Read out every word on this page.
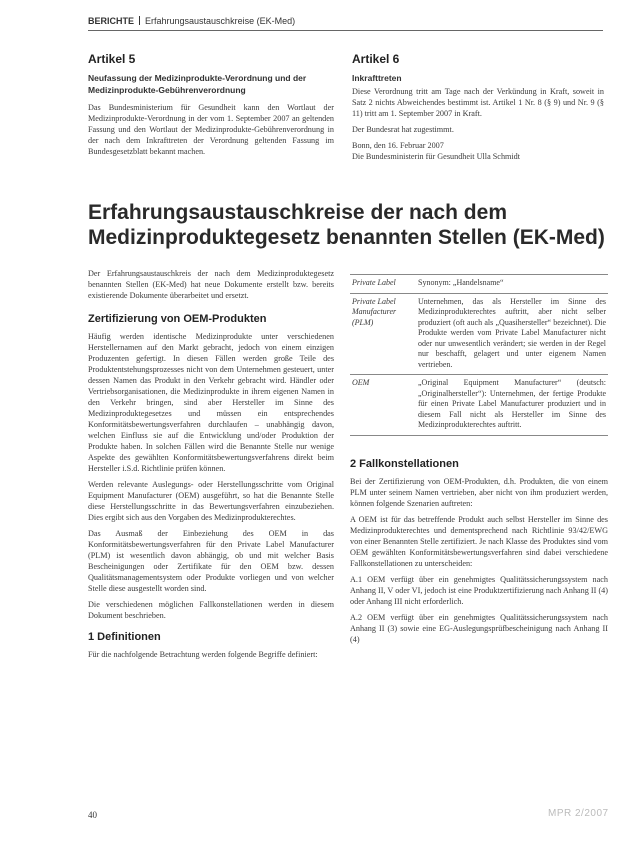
BERICHTE Erfahrungsaustauschkreise (EK-Med)
Artikel 5
Neufassung der Medizinprodukte-Verordnung und der Medizinprodukte-Gebührenverordnung

Das Bundesministerium für Gesundheit kann den Wortlaut der Medizinprodukte-Verordnung in der vom 1. September 2007 an geltenden Fassung und den Wortlaut der Medizinprodukte-Gebührenverordnung in der nach dem Inkrafttreten der Verordnung geltenden Fassung im Bundesgesetzblatt bekannt machen.

Artikel 6
Inkrafttreten

Diese Verordnung tritt am Tage nach der Verkündung in Kraft, soweit in Satz 2 nichts Abweichendes bestimmt ist. Artikel 1 Nr. 8 (§ 9) und Nr. 9 (§ 11) tritt am 1. September 2007 in Kraft.

Der Bundesrat hat zugestimmt.

Bonn, den 16. Februar 2007

Die Bundesministerin für Gesundheit Ulla Schmidt

Erfahrungsaustauschkreise der nach dem Medizinproduktegesetz benannten Stellen (EK-Med)

Der Erfahrungsaustauschkreis der nach dem Medizinproduktegesetz benannten Stellen (EK-Med) hat neue Dokumente erstellt bzw. bereits existierende Dokumente überarbeitet und ersetzt.

Zertifizierung von OEM-Produkten

Häufig werden identische Medizinprodukte unter verschiedenen Herstellernamen auf den Markt gebracht, jedoch von einem einzigen Produzenten gefertigt. In diesen Fällen werden große Teile des Produktentstehungsprozesses nicht von dem Unternehmen gesteuert, unter dessen Namen das Produkt in den Verkehr gebracht wird. Händler oder Vertriebsorganisationen, die Medizinprodukte in ihrem eigenen Namen in den Verkehr bringen, sind aber Hersteller im Sinne des Medizinproduktegesetzes und müssen ein entsprechendes Konformitätsbewertungsverfahren durchlaufen – unabhängig davon, welchen Einfluss sie auf die Entwicklung und/oder Produktion der Produkte haben. In solchen Fällen wird die Benannte Stelle nur wenige Aspekte des gewählten Konformitätsbewertungsverfahrens direkt beim Hersteller i.S.d. Richtlinie prüfen können.

Werden relevante Auslegungs- oder Herstellungsschritte vom Original Equipment Manufacturer (OEM) ausgeführt, so hat die Benannte Stelle diese Herstellungsschritte in das Bewertungsverfahren einzubeziehen. Dies ergibt sich aus den Vorgaben des Medizinprodukterechtes.

Das Ausmaß der Einbeziehung des OEM in das Konformitätsbewertungsverfahren für den Private Label Manufacturer (PLM) ist wesentlich davon abhängig, ob und mit welcher Basis Bescheinigungen oder Zertifikate für den OEM bzw. dessen Qualitätsmanagementsystem oder Produkte vorliegen und von welcher Stelle diese ausgestellt worden sind.

Die verschiedenen möglichen Fallkonstellationen werden in diesem Dokument beschrieben.

1 Definitionen

Für die nachfolgende Betrachtung werden folgende Begriffe definiert:

Private Label	Synonym: „Handelsname“
Private Label Manufacturer (PLM)	Unternehmen, das als Hersteller im Sinne des Medizinprodukterechtes auftritt, aber nicht selber produziert (oft auch als „Quasihersteller“ bezeichnet). Die Produkte werden vom Private Label Manufacturer nicht oder nur unwesentlich verändert; sie werden in der Regel nur beschafft, gelagert und unter eigenem Namen vertrieben.
OEM	„Original Equipment Manufacturer“ (deutsch: „Originalhersteller“): Unternehmen, der fertige Produkte für einen Private Label Manufacturer produziert und in diesem Fall nicht als Hersteller im Sinne des Medizinprodukterechtes auftritt.
2 Fallkonstellationen

Bei der Zertifizierung von OEM-Produkten, d.h. Produkten, die von einem PLM unter seinem Namen vertrieben, aber nicht von ihm produziert werden, können folgende Szenarien auftreten:

A OEM ist für das betreffende Produkt auch selbst Hersteller im Sinne des Medizinprodukterechtes und dementsprechend nach Richtlinie 93/42/EWG von einer Benannten Stelle zertifiziert. Je nach Klasse des Produktes sind vom OEM gewählten Konformitätsbewertungsverfahren sind dabei verschiedene Fallkonstellationen zu unterscheiden:

A.1 OEM verfügt über ein genehmigtes Qualitätssicherungssystem nach Anhang II, V oder VI, jedoch ist eine Produktzertifizierung nach Anhang II (4) oder Anhang III nicht erforderlich.

A.2 OEM verfügt über ein genehmigtes Qualitätssicherungssystem nach Anhang II (3) sowie eine EG-Auslegungsprüfbescheinigung nach Anhang II (4)

40	MPR 2/2007
